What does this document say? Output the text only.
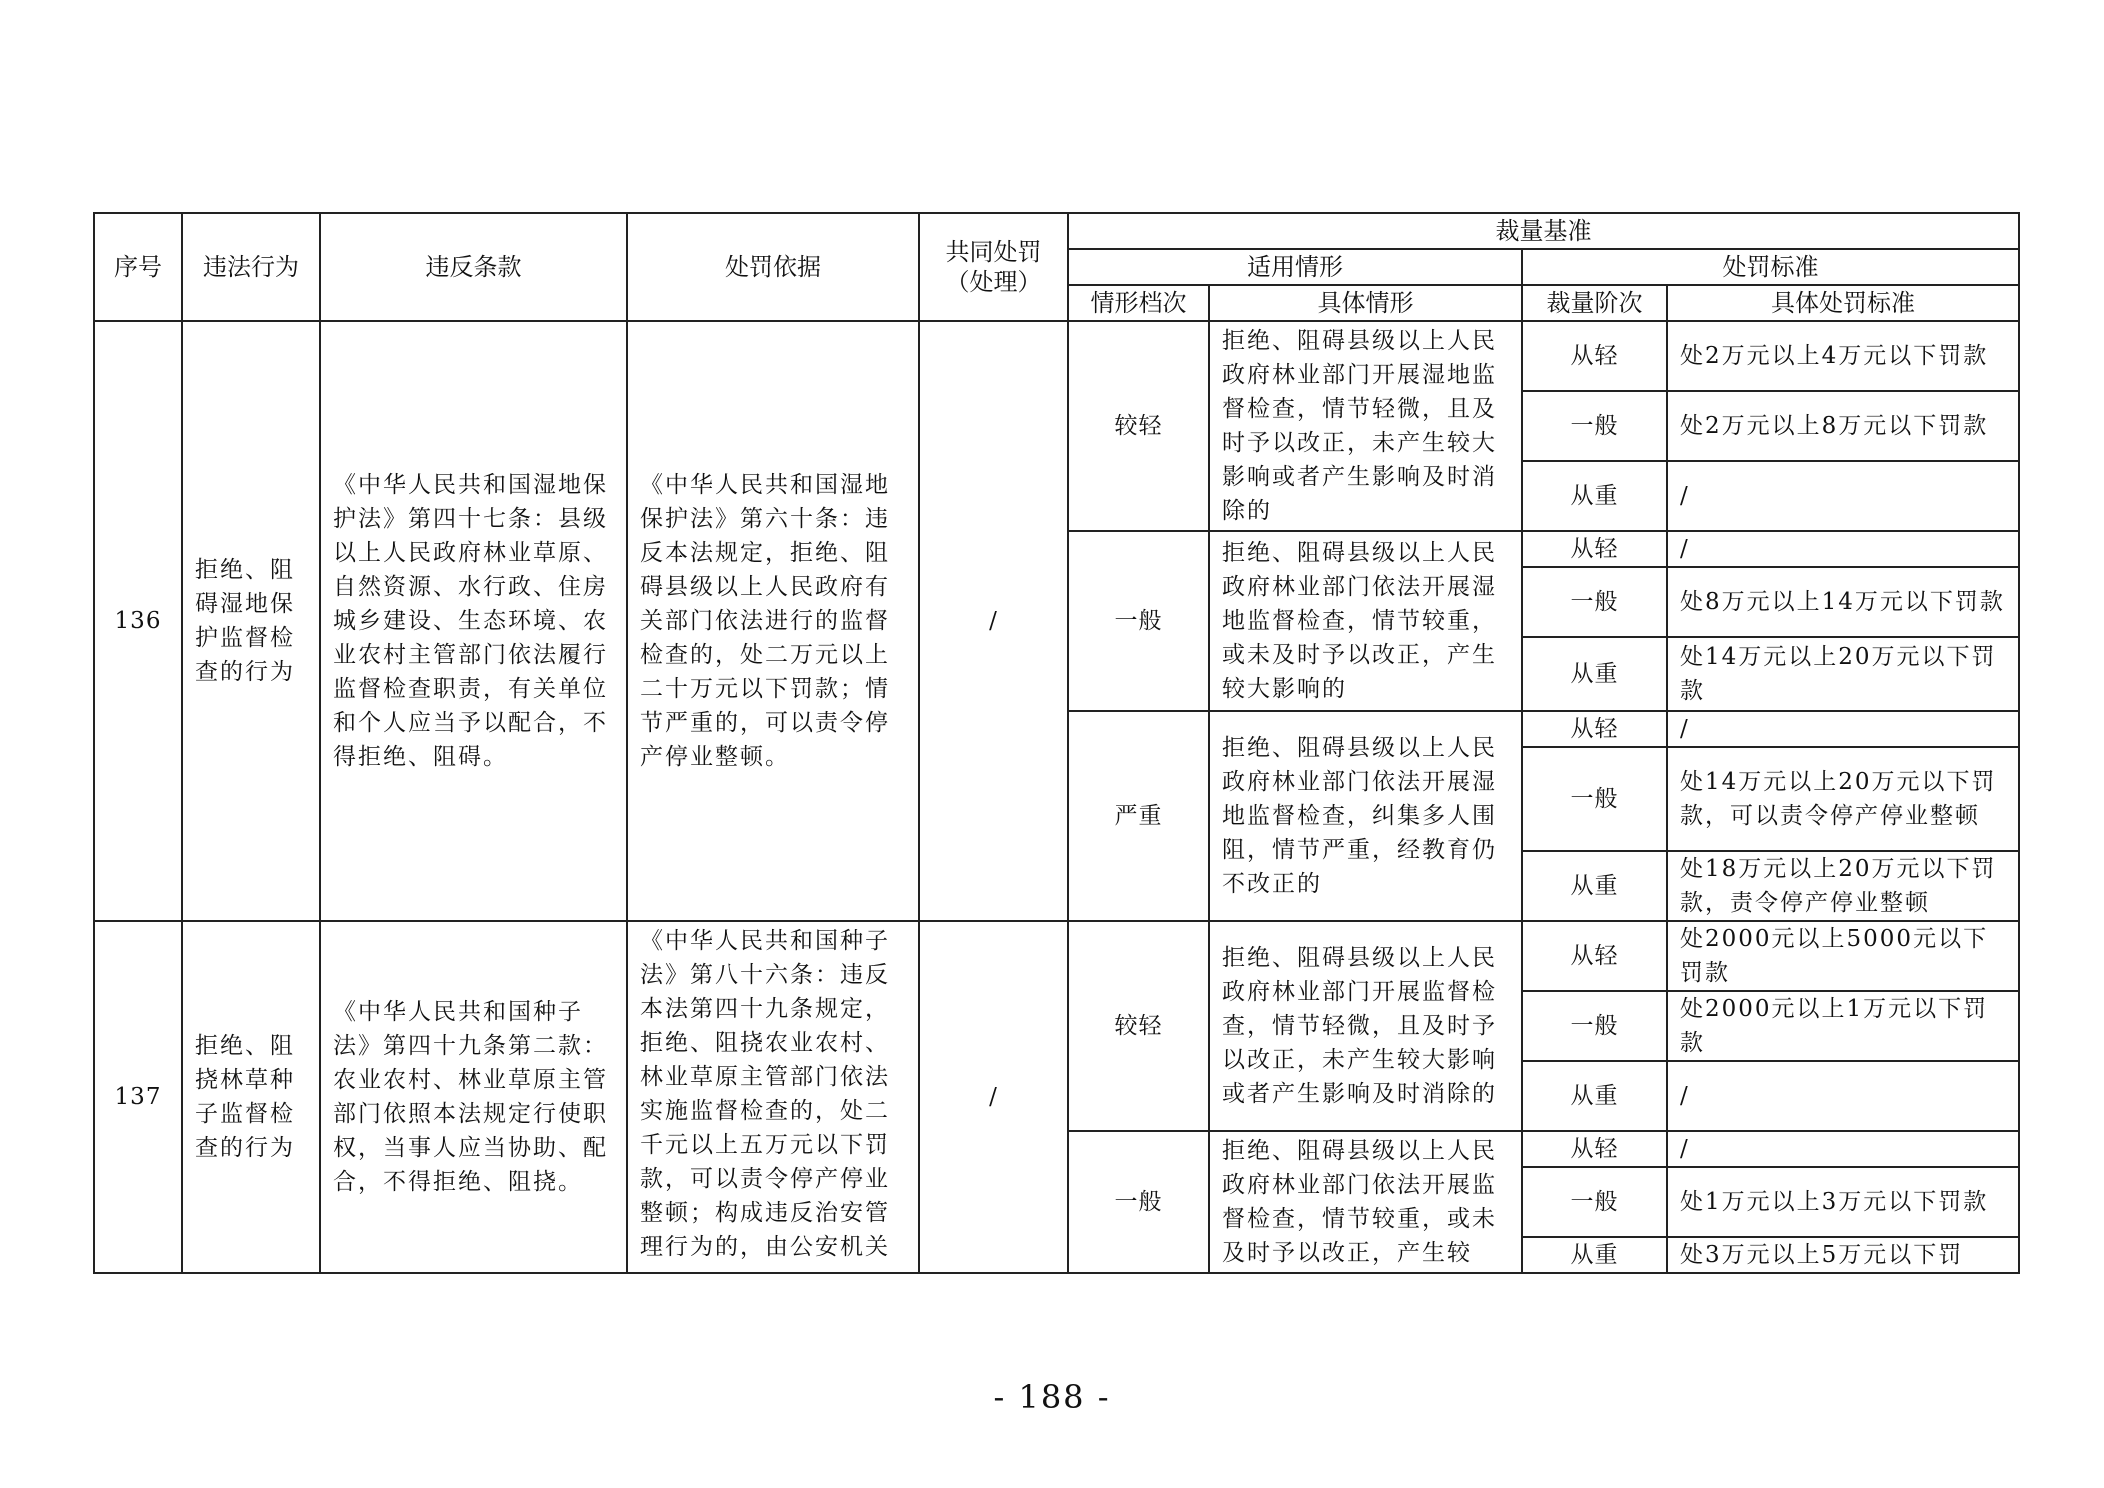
序号	违法行为	违反条款	处罚依据	共同处罚（处理）	裁量基准			
					适用情形		处罚标准	
					情形档次	具体情形	裁量阶次	具体处罚标准
136	拒绝、阻碍湿地保护监督检查的行为	《中华人民共和国湿地保护法》第四十七条：县级以上人民政府林业草原、自然资源、水行政、住房城乡建设、生态环境、农业农村主管部门依法履行监督检查职责，有关单位和个人应当予以配合，不得拒绝、阻碍。	《中华人民共和国湿地保护法》第六十条：违反本法规定，拒绝、阻碍县级以上人民政府有关部门依法进行的监督检查的，处二万元以上二十万元以下罚款；情节严重的，可以责令停产停业整顿。	/	较轻	拒绝、阻碍县级以上人民政府林业部门开展湿地监督检查，情节轻微，且及时予以改正，未产生较大影响或者产生影响及时消除的	从轻	处2万元以上4万元以下罚款
							一般	处2万元以上8万元以下罚款
							从重	/
					一般	拒绝、阻碍县级以上人民政府林业部门依法开展湿地监督检查，情节较重，或未及时予以改正，产生较大影响的	从轻	/
							一般	处8万元以上14万元以下罚款
							从重	处14万元以上20万元以下罚款
					严重	拒绝、阻碍县级以上人民政府林业部门依法开展湿地监督检查，纠集多人围阻，情节严重，经教育仍不改正的	从轻	/
							一般	处14万元以上20万元以下罚款，可以责令停产停业整顿
							从重	处18万元以上20万元以下罚款，责令停产停业整顿
137	拒绝、阻挠林草种子监督检查的行为	《中华人民共和国种子法》第四十九条第二款：农业农村、林业草原主管部门依照本法规定行使职权，当事人应当协助、配合，不得拒绝、阻挠。	《中华人民共和国种子法》第八十六条：违反本法第四十九条规定，拒绝、阻挠农业农村、林业草原主管部门依法实施监督检查的，处二千元以上五万元以下罚款，可以责令停产停业整顿；构成违反治安管理行为的，由公安机关	/	较轻	拒绝、阻碍县级以上人民政府林业部门开展监督检查，情节轻微，且及时予以改正，未产生较大影响或者产生影响及时消除的	从轻	处2000元以上5000元以下罚款
							一般	处2000元以上1万元以下罚款
							从重	/
					一般	拒绝、阻碍县级以上人民政府林业部门依法开展监督检查，情节较重，或未及时予以改正，产生较	从轻	/
							一般	处1万元以上3万元以下罚款
							从重	处3万元以上5万元以下罚
- 188 -
